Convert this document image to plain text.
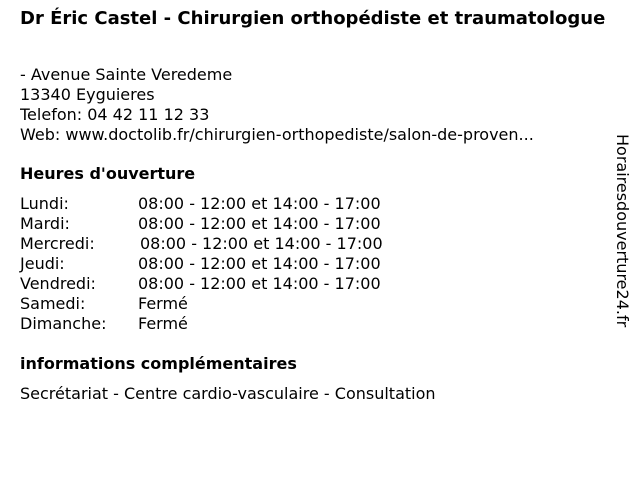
Dr Éric Castel - Chirurgien orthopédiste et traumatologue
- Avenue Sainte Veredeme
13340 Eyguieres
Telefon: 04 42 11 12 33
Web: www.doctolib.fr/chirurgien-orthopediste/salon-de-proven...
Heures d'ouverture
Lundi:	08:00 - 12:00 et 14:00 - 17:00
Mardi:	08:00 - 12:00 et 14:00 - 17:00
Mercredi:	08:00 - 12:00 et 14:00 - 17:00
Jeudi:	08:00 - 12:00 et 14:00 - 17:00
Vendredi:	08:00 - 12:00 et 14:00 - 17:00
Samedi:	Fermé
Dimanche: Fermé
informations complémentaires
Secrétariat - Centre cardio-vasculaire - Consultation
Horairesdouverture24.fr
